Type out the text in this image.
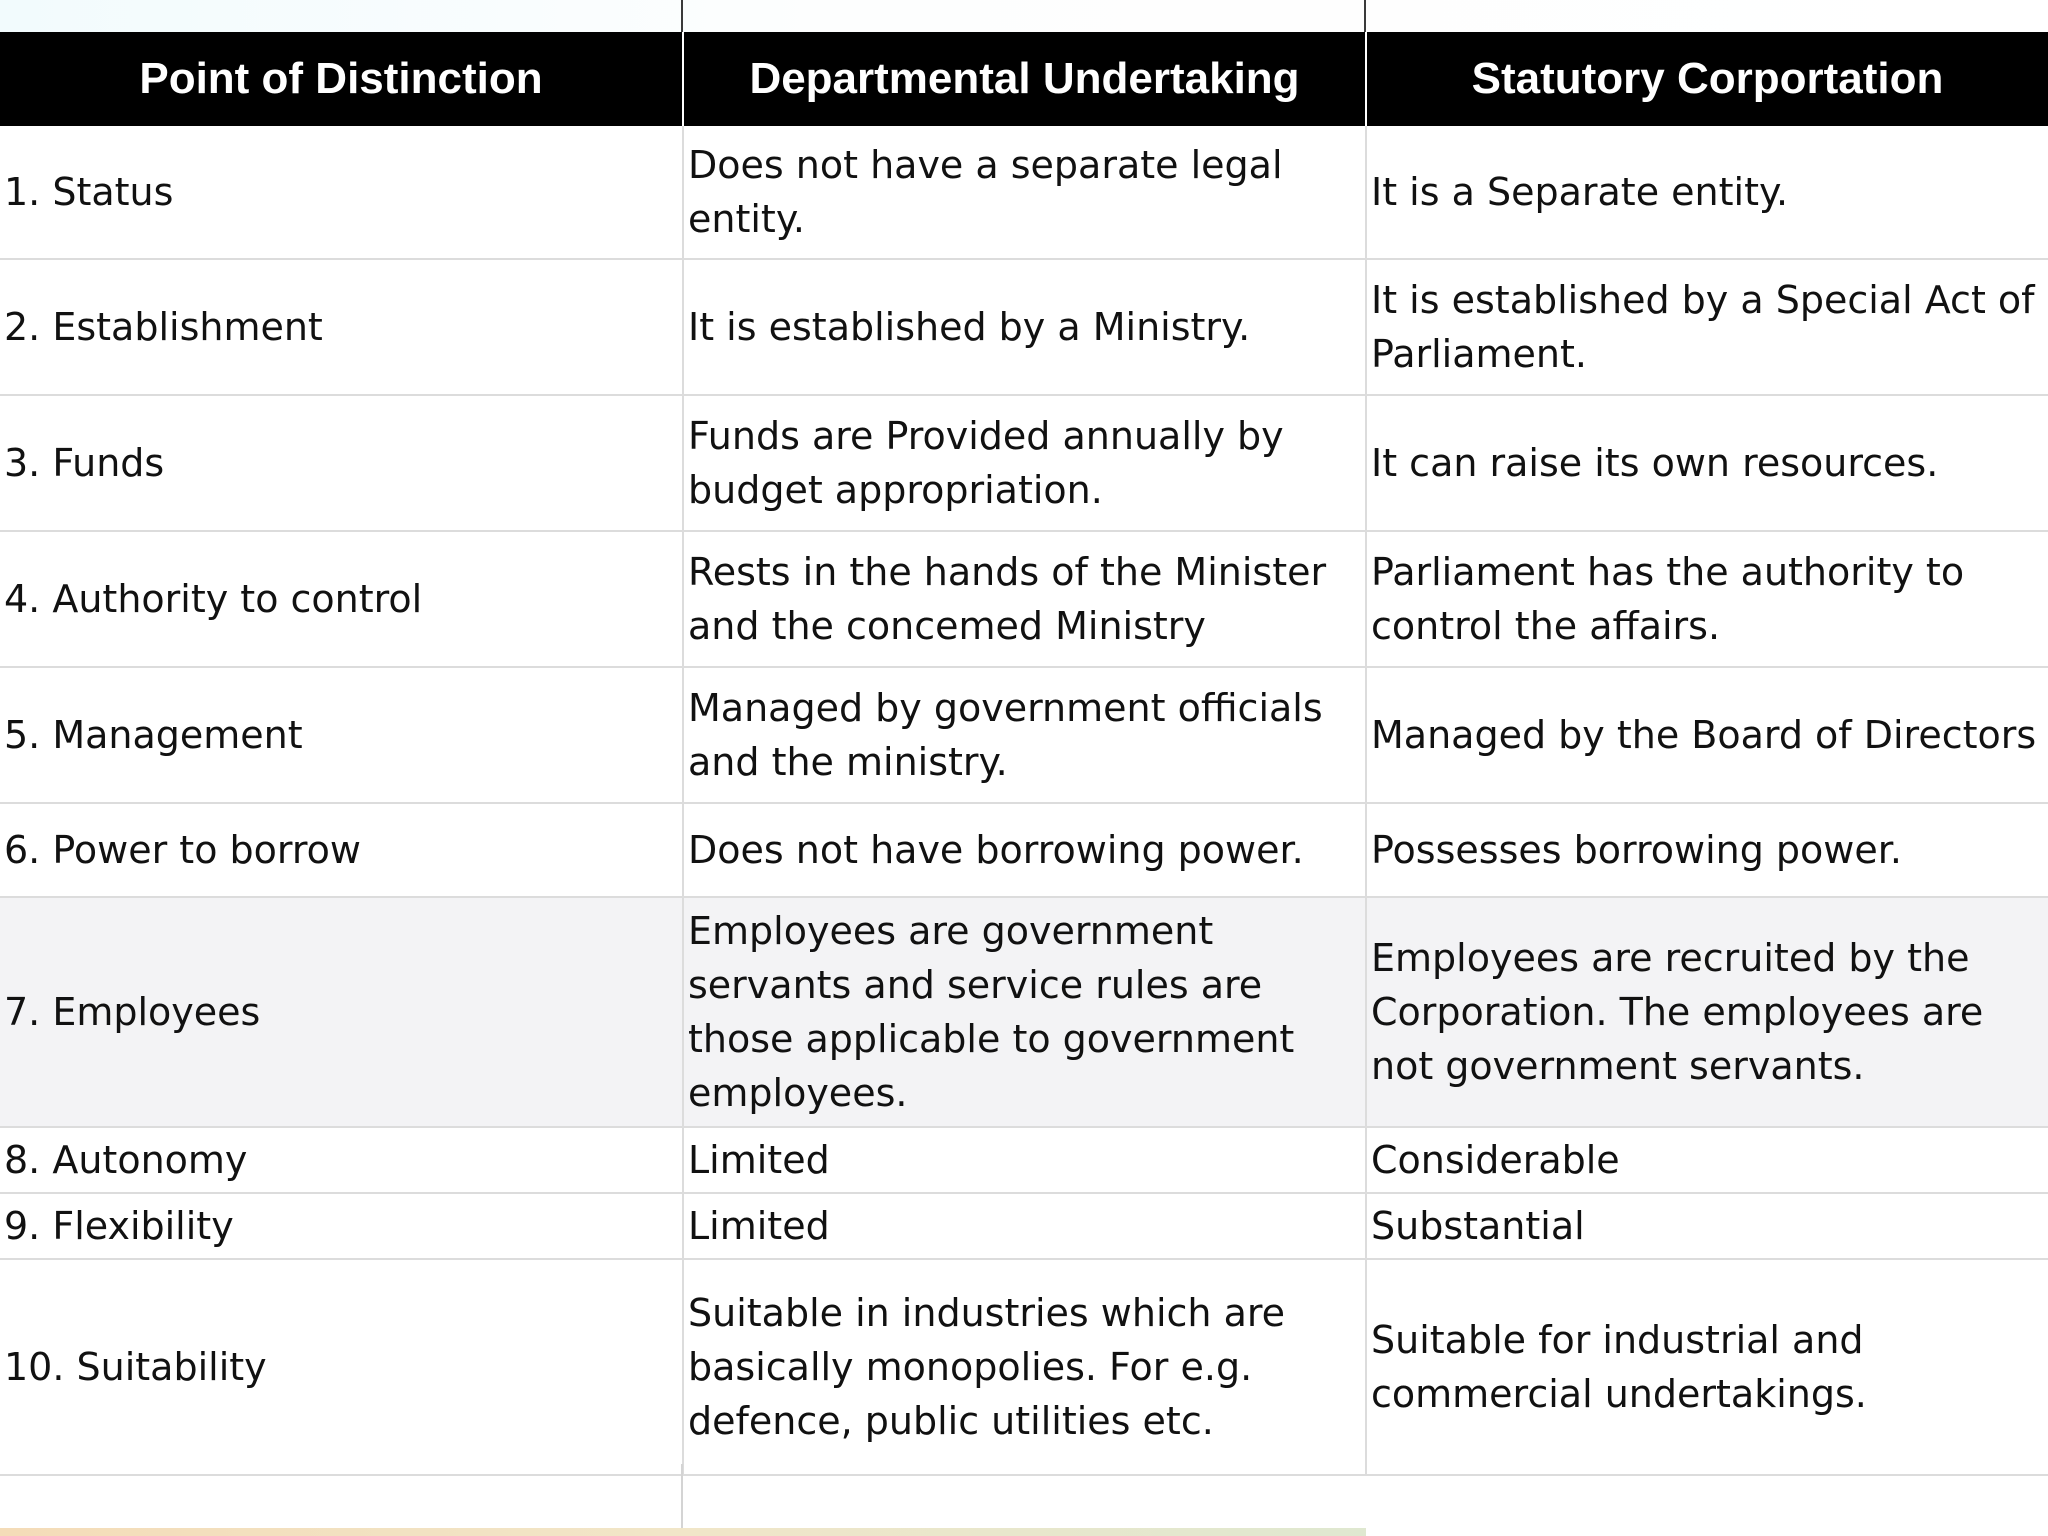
Point of Distinction	Departmental Undertaking	Statutory Corportation
1. Status	Does not have a separate legal entity.	It is a Separate entity.
2. Establishment	It is established by a Ministry.	It is established by a Special Act of Parliament.
3. Funds	Funds are Provided annually by budget appropriation.	It can raise its own resources.
4. Authority to control	Rests in the hands of the Minister and the concemed Ministry	Parliament has the authority to control the affairs.
5. Management	Managed by government officials and the ministry.	Managed by the Board of Directors
6. Power to borrow	Does not have borrowing power.	Possesses borrowing power.
7. Employees	Employees are government servants and service rules are those applicable to government employees.	Employees are recruited by the Corporation. The employees are not government servants.
8. Autonomy	Limited	Considerable
9. Flexibility	Limited	Substantial
10. Suitability	Suitable in industries which are basically monopolies. For e.g. defence, public utilities etc.	Suitable for industrial and commercial undertakings.
